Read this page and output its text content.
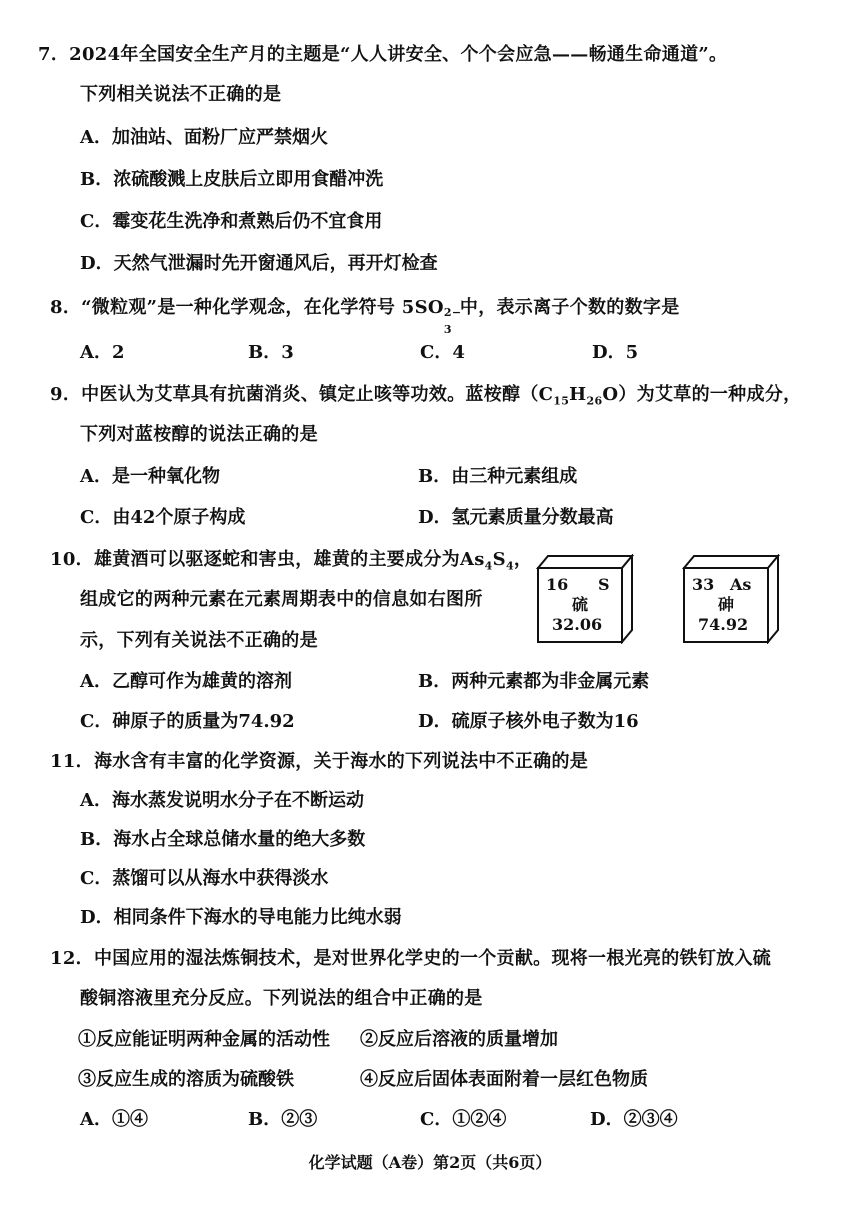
7．2024年全国安全生产月的主题是“人人讲安全、个个会应急——畅通生命通道”。
下列相关说法不正确的是
A．加油站、面粉厂应严禁烟火
B．浓硫酸溅上皮肤后立即用食醋冲洗
C．霉变花生洗净和煮熟后仍不宜食用
D．天然气泄漏时先开窗通风后，再开灯检查
8．“微粒观”是一种化学观念，在化学符号 5SO 2−
3
中，表示离子个数的数字是
A．2	B．3	C．4	D．5
9．中医认为艾草具有抗菌消炎、镇定止咳等功效。蓝桉醇$(C_{15}H_{26}O)$为艾草的一种成分，
下列对蓝桉醇的说法正确的是
A．是一种氧化物	B．由三种元素组成
C．由42个原子构成	D．氢元素质量分数最高
10．雄黄酒可以驱逐蛇和害虫，雄黄的主要成分为$As_4S_4$，
组成它的两种元素在元素周期表中的信息如右图所
示，下列有关说法不正确的是
16 S
硫
32.06
33 As
砷
74.92
A．乙醇可作为雄黄的溶剂	B．两种元素都为非金属元素
C．砷原子的质量为74.92	D．硫原子核外电子数为16
11．海水含有丰富的化学资源，关于海水的下列说法中不正确的是
A．海水蒸发说明水分子在不断运动
B．海水占全球总储水量的绝大多数
C．蒸馏可以从海水中获得淡水
D．相同条件下海水的导电能力比纯水弱
12．中国应用的湿法炼铜技术，是对世界化学史的一个贡献。现将一根光亮的铁钉放入硫
酸铜溶液里充分反应。下列说法的组合中正确的是
①反应能证明两种金属的活动性 ②反应后溶液的质量增加
③反应生成的溶质为硫酸铁	④反应后固体表面附着一层红色物质
A．①④	B．②③	C．①②④	D．②③④
化学试题（A卷）第2页（共6页）
